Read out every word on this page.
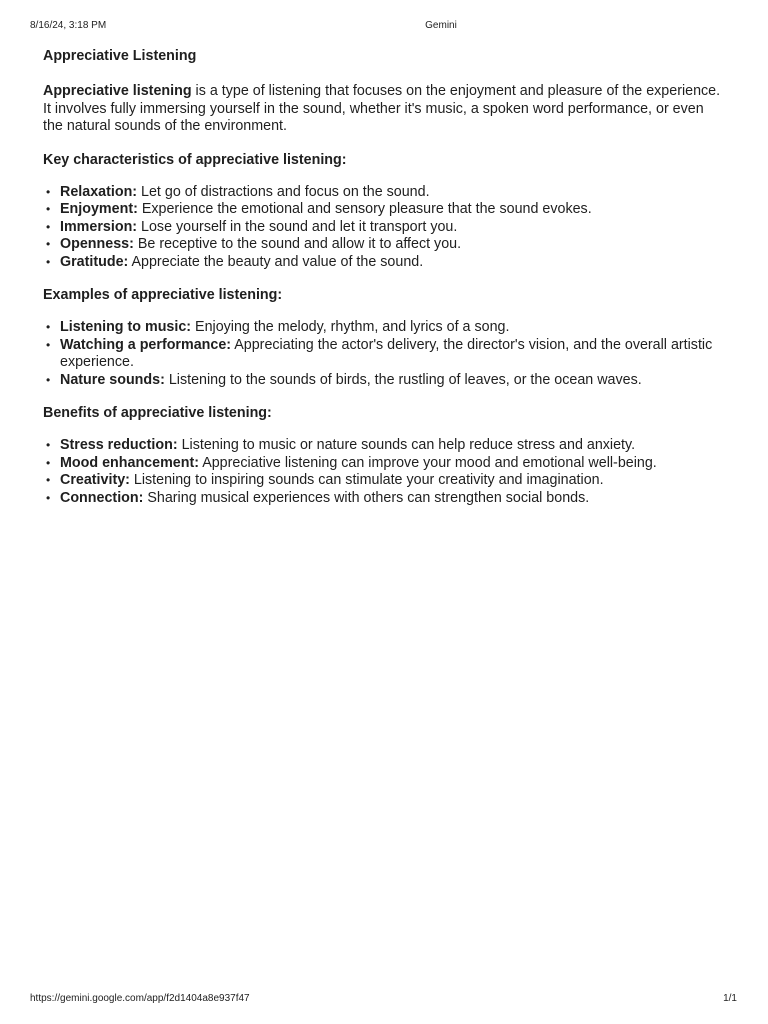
8/16/24, 3:18 PM	Gemini
Appreciative Listening

Appreciative listening is a type of listening that focuses on the enjoyment and pleasure of the experience. It involves fully immersing yourself in the sound, whether it's music, a spoken word performance, or even the natural sounds of the environment.

Key characteristics of appreciative listening:
• Relaxation: Let go of distractions and focus on the sound.
• Enjoyment: Experience the emotional and sensory pleasure that the sound evokes.
• Immersion: Lose yourself in the sound and let it transport you.
• Openness: Be receptive to the sound and allow it to affect you.
• Gratitude: Appreciate the beauty and value of the sound.
Examples of appreciative listening:
• Listening to music: Enjoying the melody, rhythm, and lyrics of a song.
• Watching a performance: Appreciating the actor's delivery, the director's vision, and the overall artistic experience.
• Nature sounds: Listening to the sounds of birds, the rustling of leaves, or the ocean waves.
Benefits of appreciative listening:
• Stress reduction: Listening to music or nature sounds can help reduce stress and anxiety.
• Mood enhancement: Appreciative listening can improve your mood and emotional well-being.
• Creativity: Listening to inspiring sounds can stimulate your creativity and imagination.
• Connection: Sharing musical experiences with others can strengthen social bonds.
https://gemini.google.com/app/f2d1404a8e937f47	1/1
